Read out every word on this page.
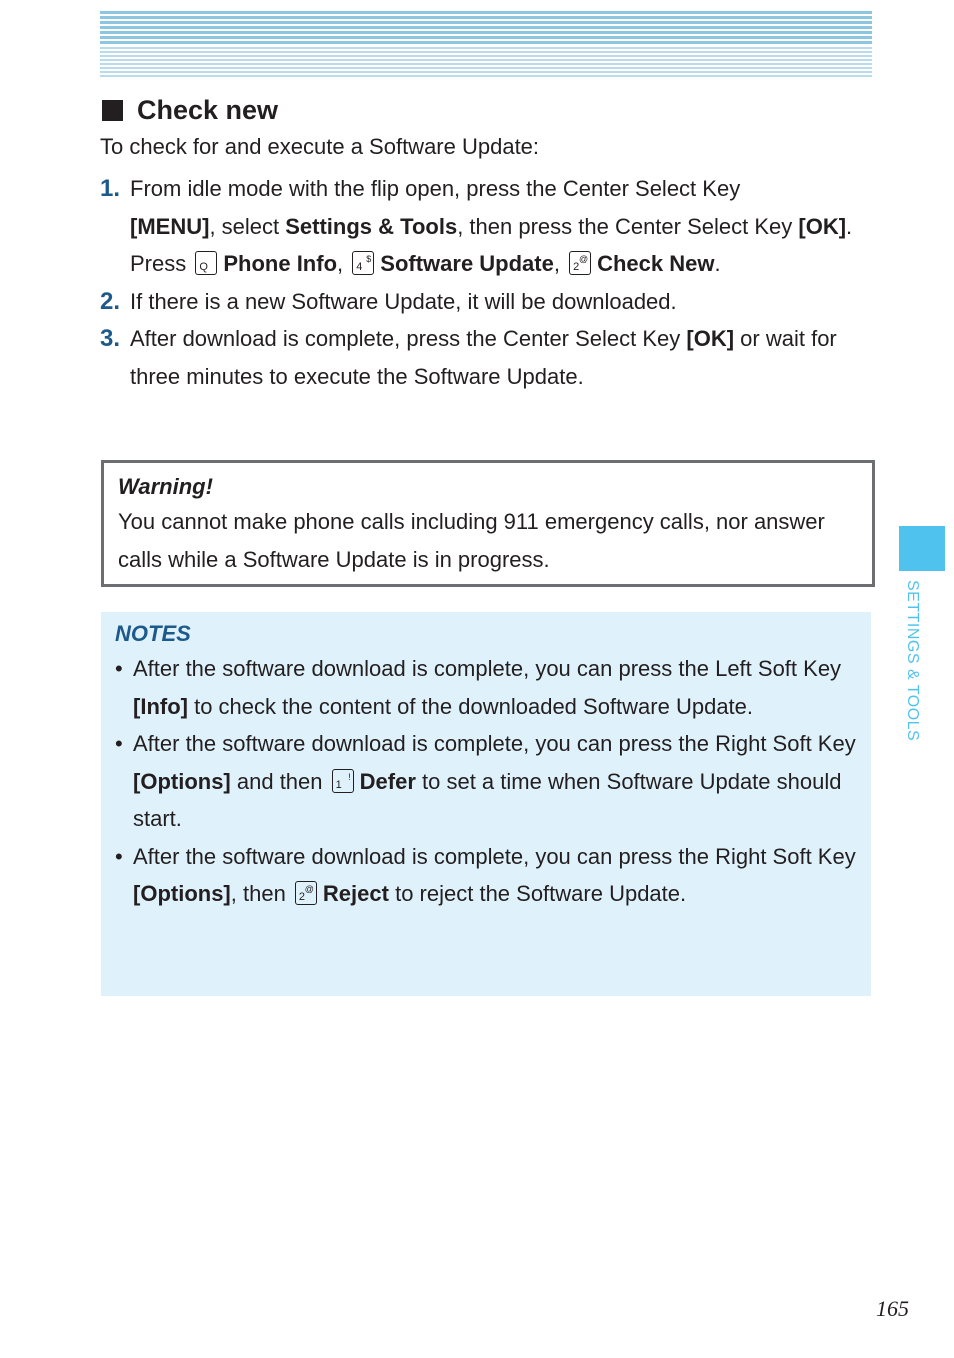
Check new
To check for and execute a Software Update:
1. From idle mode with the flip open, press the Center Select Key
[MENU], select Settings & Tools, then press the Center Select Key [OK]. Press Q Phone Info, 4
$ Software Update, 2
@ Check New.
2. If there is a new Software Update, it will be downloaded.
3. After download is complete, press the Center Select Key [OK] or wait for three minutes to execute the Software Update.
Warning!
You cannot make phone calls including 911 emergency calls, nor answer calls while a Software Update is in progress.
NOTES
• After the software download is complete, you can press the Left Soft Key [Info] to check the content of the downloaded Software Update.
• After the software download is complete, you can press the Right Soft Key [Options] and then 1
! Defer to set a time when Software Update should start.
• After the software download is complete, you can press the Right Soft Key [Options], then 2
@ Reject to reject the Software Update.
SETTINGS & TOOLS
165
